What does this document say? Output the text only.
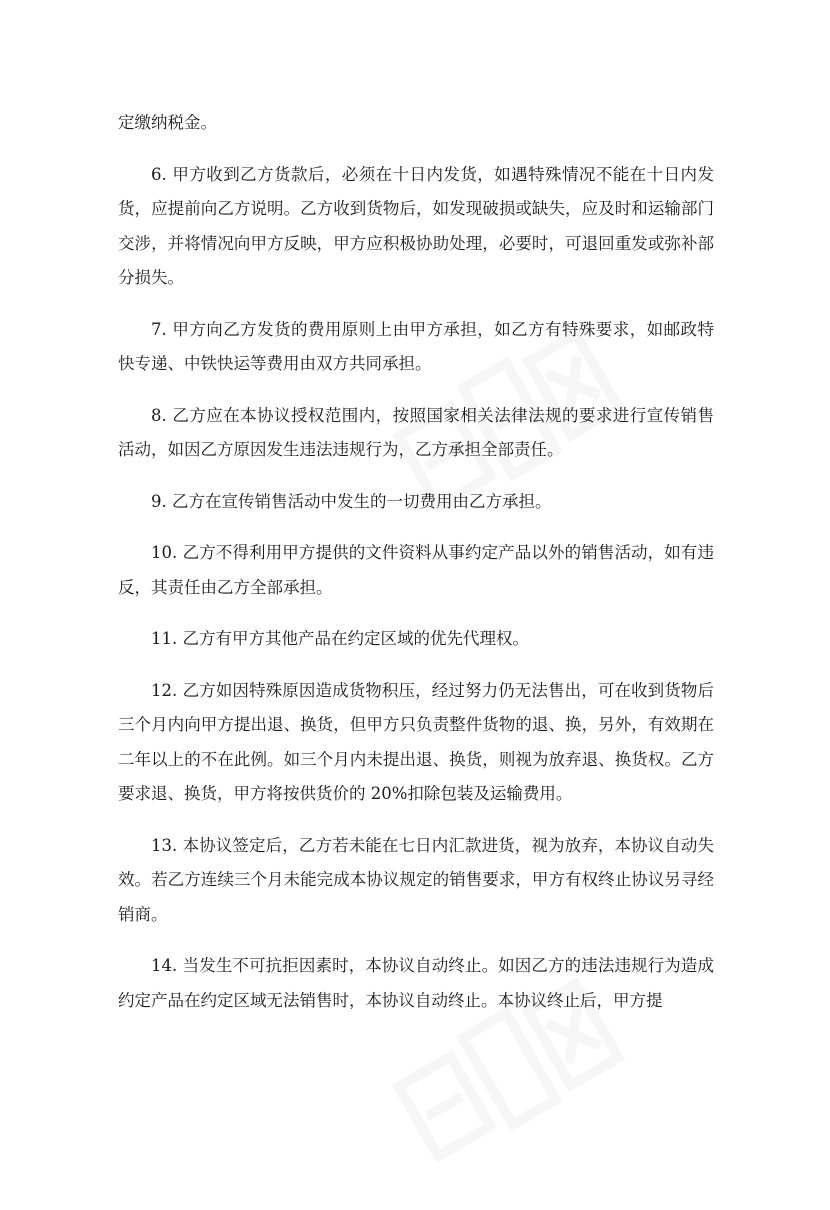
定缴纳税金。

6. 甲方收到乙方货款后，必须在十日内发货，如遇特殊情况不能在十日内发货，应提前向乙方说明。乙方收到货物后，如发现破损或缺失，应及时和运输部门交涉，并将情况向甲方反映，甲方应积极协助处理，必要时，可退回重发或弥补部分损失。

7. 甲方向乙方发货的费用原则上由甲方承担，如乙方有特殊要求，如邮政特快专递、中铁快运等费用由双方共同承担。

8. 乙方应在本协议授权范围内，按照国家相关法律法规的要求进行宣传销售活动，如因乙方原因发生违法违规行为，乙方承担全部责任。

9. 乙方在宣传销售活动中发生的一切费用由乙方承担。

10. 乙方不得利用甲方提供的文件资料从事约定产品以外的销售活动，如有违反，其责任由乙方全部承担。

11. 乙方有甲方其他产品在约定区域的优先代理权。

12. 乙方如因特殊原因造成货物积压，经过努力仍无法售出，可在收到货物后三个月内向甲方提出退、换货，但甲方只负责整件货物的退、换，另外，有效期在二年以上的不在此例。如三个月内未提出退、换货，则视为放弃退、换货权。乙方要求退、换货，甲方将按供货价的 20%扣除包装及运输费用。

13. 本协议签定后，乙方若未能在七日内汇款进货，视为放弃，本协议自动失效。若乙方连续三个月未能完成本协议规定的销售要求，甲方有权终止协议另寻经销商。

14. 当发生不可抗拒因素时，本协议自动终止。如因乙方的违法违规行为造成约定产品在约定区域无法销售时，本协议自动终止。本协议终止后，甲方提
